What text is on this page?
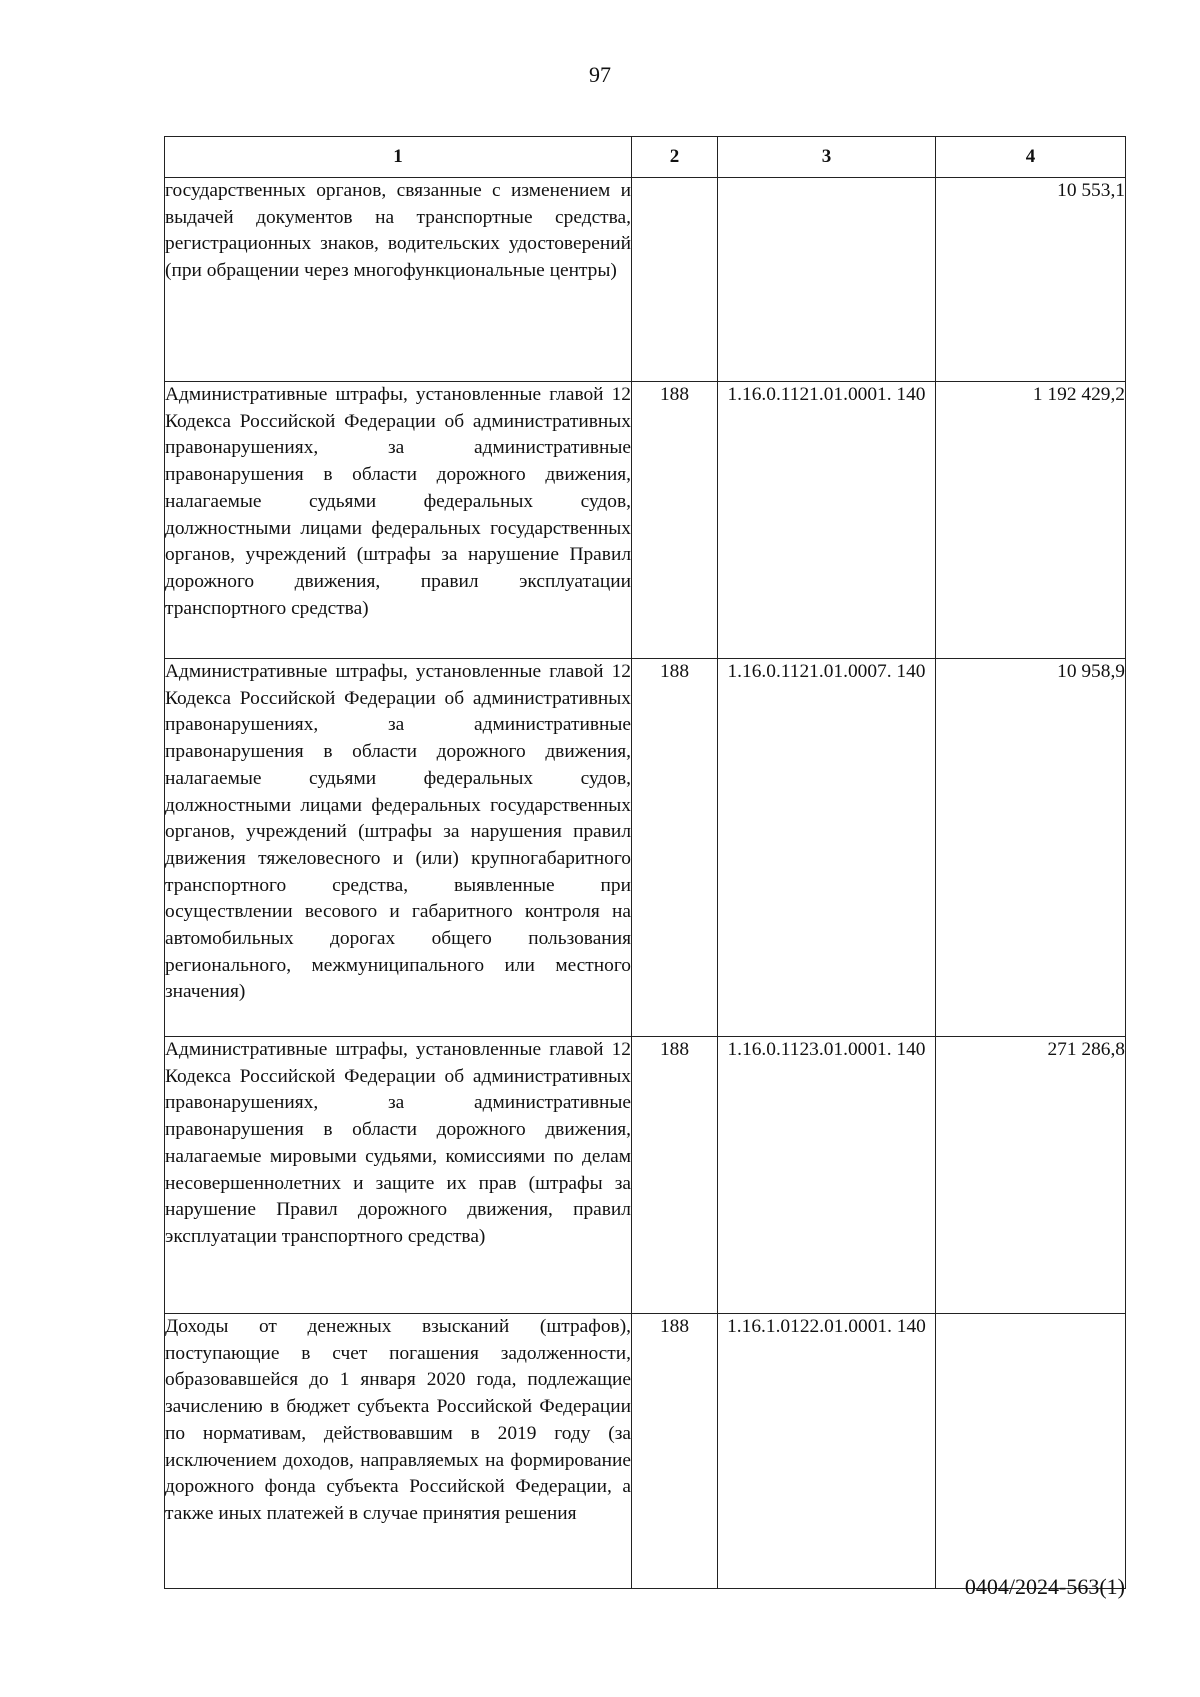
97
1	2	3	4
государственных органов, связанные с изменением и выдачей документов на транспортные средства, регистрационных знаков, водительских удостоверений (при обращении через многофункциональные центры)			10 553,1
Административные штрафы, установленные главой 12 Кодекса Российской Федерации об административных правонарушениях, за административные правонарушения в области дорожного движения, налагаемые судьями федеральных судов, должностными лицами федеральных государственных органов, учреждений (штрафы за нарушение Правил дорожного движения, правил эксплуатации транспортного средства)	188	1.16.0.1121.01.0001. 140	1 192 429,2
Административные штрафы, установленные главой 12 Кодекса Российской Федерации об административных правонарушениях, за административные правонарушения в области дорожного движения, налагаемые судьями федеральных судов, должностными лицами федеральных государственных органов, учреждений (штрафы за нарушения правил движения тяжеловесного и (или) крупногабаритного транспортного средства, выявленные при осуществлении весового и габаритного контроля на автомобильных дорогах общего пользования регионального, межмуниципального или местного значения)	188	1.16.0.1121.01.0007. 140	10 958,9
Административные штрафы, установленные главой 12 Кодекса Российской Федерации об административных правонарушениях, за административные правонарушения в области дорожного движения, налагаемые мировыми судьями, комиссиями по делам несовершеннолетних и защите их прав (штрафы за нарушение Правил дорожного движения, правил эксплуатации транспортного средства)	188	1.16.0.1123.01.0001. 140	271 286,8
Доходы от денежных взысканий (штрафов), поступающие в счет погашения задолженности, образовавшейся до 1 января 2020 года, подлежащие зачислению в бюджет субъекта Российской Федерации по нормативам, действовавшим в 2019 году (за исключением доходов, направляемых на формирование дорожного фонда субъекта Российской Федерации, а также иных платежей в случае принятия решения	188	1.16.1.0122.01.0001. 140	
0404/2024-563(1)
